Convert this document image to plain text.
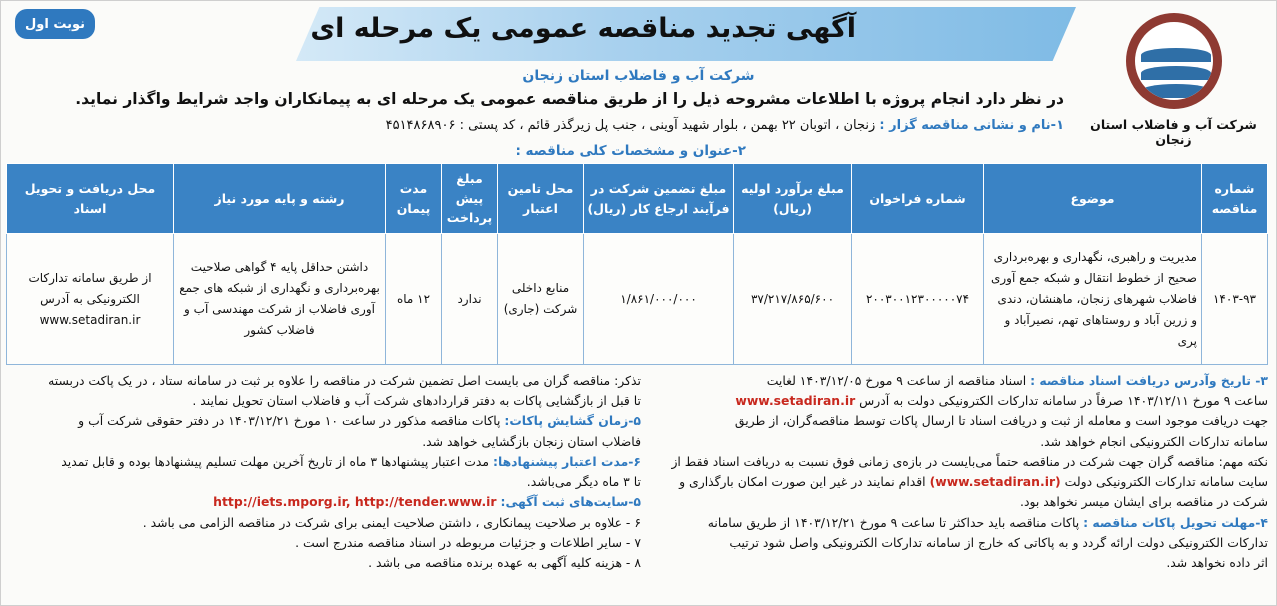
شرکت آب و فاضلاب استان زنجان
آگهی تجدید مناقصه عمومی یک مرحله ای
نوبت اول
شرکت آب و فاضلاب استان زنجان
در نظر دارد انجام پروژه با اطلاعات مشروحه ذیل را از طریق مناقصه عمومی یک مرحله ای به پیمانکاران واجد شرایط واگذار نماید.
۱-نام و نشانی مناقصه گزار : زنجان ، اتوبان ۲۲ بهمن ، بلوار شهید آوینی ، جنب پل زیرگذر قائم ، کد پستی : ۴۵۱۴۸۶۸۹۰۶
۲-عنوان و مشخصات کلی مناقصه :
شماره مناقصه	موضوع	شماره فراخوان	مبلغ برآورد اولیه (ریال)	مبلغ تضمین شرکت در فرآیند ارجاع کار (ریال)	محل تامین اعتبار	مبلغ پیش پرداخت	مدت پیمان	رشته و پایه مورد نیاز	محل دریافت و تحویل اسناد
۱۴۰۳-۹۳	مدیریت و راهبری، نگهداری و بهره‌برداری صحیح از خطوط انتقال و شبکه جمع آوری فاضلاب شهرهای زنجان، ماهنشان، دندی و زرین آباد و روستاهای تهم، نصیرآباد و پری	۲۰۰۳۰۰۱۲۳۰۰۰۰۰۷۴	۳۷/۲۱۷/۸۶۵/۶۰۰	۱/۸۶۱/۰۰۰/۰۰۰	منابع داخلی شرکت (جاری)	ندارد	۱۲ ماه	داشتن حداقل پایه ۴ گواهی صلاحیت بهره‌برداری و نگهداری از شبکه های جمع آوری فاضلاب از شرکت مهندسی آب و فاضلاب کشور	از طریق سامانه تدارکات الکترونیکی به آدرس www.setadiran.ir
۳- تاریخ وآدرس دریافت اسناد مناقصه : اسناد مناقصه از ساعت ۹ مورخ ۱۴۰۳/۱۲/۰۵ لغایت
ساعت ۹ مورخ ۱۴۰۳/۱۲/۱۱ صرفاً در سامانه تدارکات الکترونیکی دولت به آدرس www.setadiran.ir
جهت دریافت موجود است و معامله از ثبت و دریافت اسناد تا ارسال پاکات توسط مناقصه‌گران، از طریق
سامانه تدارکات الکترونیکی انجام خواهد شد.
نکته مهم: مناقصه گران جهت شرکت در مناقصه حتماً می‌بایست در بازه‌ی زمانی فوق نسبت به دریافت اسناد فقط از
سایت سامانه تدارکات الکترونیکی دولت (www.setadiran.ir) اقدام نمایند در غیر این صورت امکان بارگذاری و
شرکت در مناقصه برای ایشان میسر نخواهد بود.
۴-مهلت تحویل پاکات مناقصه : پاکات مناقصه باید حداکثر تا ساعت ۹ مورخ ۱۴۰۳/۱۲/۲۱ از طریق سامانه
تدارکات الکترونیکی دولت ارائه گردد و به پاکاتی که خارج از سامانه تدارکات الکترونیکی واصل شود ترتیب
اثر داده نخواهد شد.
تذکر: مناقصه گران می بایست اصل تضمین شرکت در مناقصه را علاوه بر ثبت در سامانه ستاد ، در یک پاکت دربسته
تا قبل از بازگشایی پاکات به دفتر قراردادهای شرکت آب و فاضلاب استان تحویل نمایند .
۵-زمان گشایش پاکات: پاکات مناقصه مذکور در ساعت ۱۰ مورخ ۱۴۰۳/۱۲/۲۱ در دفتر حقوقی شرکت آب و
فاضلاب استان زنجان بازگشایی خواهد شد.
۶-مدت اعتبار پیشنهادها: مدت اعتبار پیشنهادها ۳ ماه از تاریخ آخرین مهلت تسلیم پیشنهادها بوده و قابل تمدید
تا ۳ ماه دیگر می‌باشد.
۵-سایت‌های ثبت آگهی: http://iets.mporg.ir, http://tender.www.ir
۶ - علاوه بر صلاحیت پیمانکاری ، داشتن صلاحیت ایمنی برای شرکت در مناقصه الزامی می باشد .
۷ - سایر اطلاعات و جزئیات مربوطه در اسناد مناقصه مندرج است .
۸ - هزینه کلیه آگهی به عهده برنده مناقصه می باشد .
